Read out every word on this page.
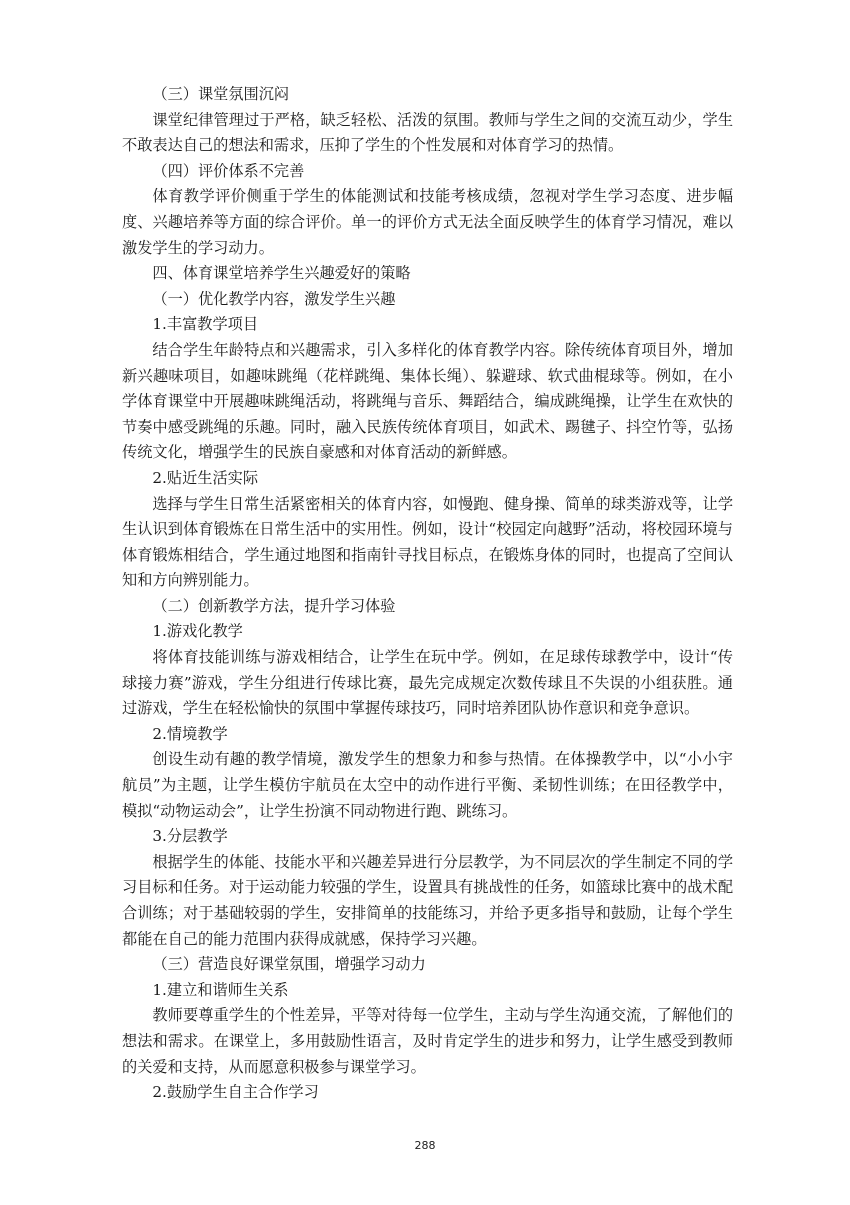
（三）课堂氛围沉闷

课堂纪律管理过于严格，缺乏轻松、活泼的氛围。教师与学生之间的交流互动少，学生不敢表达自己的想法和需求，压抑了学生的个性发展和对体育学习的热情。

（四）评价体系不完善

体育教学评价侧重于学生的体能测试和技能考核成绩，忽视对学生学习态度、进步幅度、兴趣培养等方面的综合评价。单一的评价方式无法全面反映学生的体育学习情况，难以激发学生的学习动力。

四、体育课堂培养学生兴趣爱好的策略

（一）优化教学内容，激发学生兴趣

1.丰富教学项目

结合学生年龄特点和兴趣需求，引入多样化的体育教学内容。除传统体育项目外，增加新兴趣味项目，如趣味跳绳（花样跳绳、集体长绳）、躲避球、软式曲棍球等。例如，在小学体育课堂中开展趣味跳绳活动，将跳绳与音乐、舞蹈结合，编成跳绳操，让学生在欢快的节奏中感受跳绳的乐趣。同时，融入民族传统体育项目，如武术、踢毽子、抖空竹等，弘扬传统文化，增强学生的民族自豪感和对体育活动的新鲜感。

2.贴近生活实际

选择与学生日常生活紧密相关的体育内容，如慢跑、健身操、简单的球类游戏等，让学生认识到体育锻炼在日常生活中的实用性。例如，设计“校园定向越野”活动，将校园环境与体育锻炼相结合，学生通过地图和指南针寻找目标点，在锻炼身体的同时，也提高了空间认知和方向辨别能力。

（二）创新教学方法，提升学习体验

1.游戏化教学

将体育技能训练与游戏相结合，让学生在玩中学。例如，在足球传球教学中，设计“传球接力赛”游戏，学生分组进行传球比赛，最先完成规定次数传球且不失误的小组获胜。通过游戏，学生在轻松愉快的氛围中掌握传球技巧，同时培养团队协作意识和竞争意识。

2.情境教学

创设生动有趣的教学情境，激发学生的想象力和参与热情。在体操教学中，以“小小宇航员”为主题，让学生模仿宇航员在太空中的动作进行平衡、柔韧性训练；在田径教学中，模拟“动物运动会”，让学生扮演不同动物进行跑、跳练习。

3.分层教学

根据学生的体能、技能水平和兴趣差异进行分层教学，为不同层次的学生制定不同的学习目标和任务。对于运动能力较强的学生，设置具有挑战性的任务，如篮球比赛中的战术配合训练；对于基础较弱的学生，安排简单的技能练习，并给予更多指导和鼓励，让每个学生都能在自己的能力范围内获得成就感，保持学习兴趣。

（三）营造良好课堂氛围，增强学习动力

1.建立和谐师生关系

教师要尊重学生的个性差异，平等对待每一位学生，主动与学生沟通交流，了解他们的想法和需求。在课堂上，多用鼓励性语言，及时肯定学生的进步和努力，让学生感受到教师的关爱和支持，从而愿意积极参与课堂学习。

2.鼓励学生自主合作学习

288
